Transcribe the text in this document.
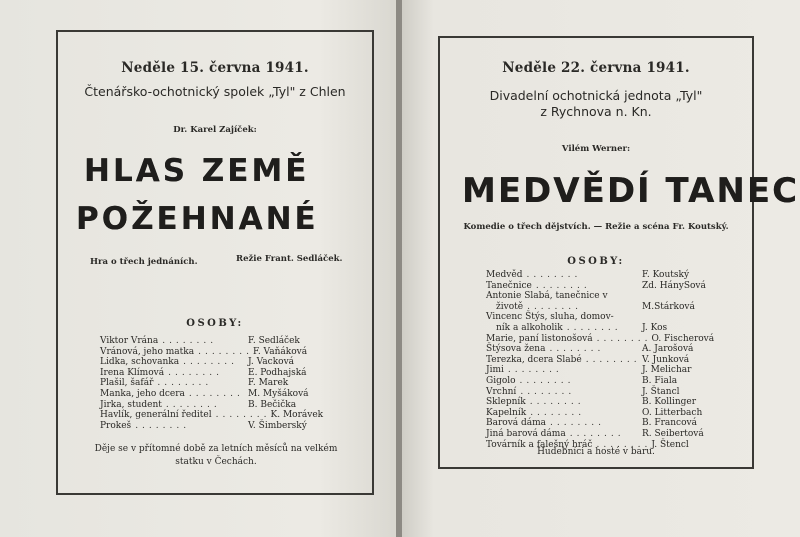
Neděle 15. června 1941.
Čtenářsko-ochotnický spolek „Tyl" z Chlen
Dr. Karel Zajíček:
HLAS ZEMĚ
POŽEHNANÉ
Hra o třech jednáních.	Režie Frant. Sedláček.
OSOBY:
Viktor Vrána ........	F. Sedláček
Vránová, jeho matka ........ F. Vaňáková
Lidka, schovanka ........	J. Vacková
Irena Klímová ........	E. Podhajská
Plašil, šafář ........	F. Marek
Manka, jeho dcera ........ M. Myšáková
Jirka, student ........	B. Bečička
Havlík, generální ředitel ........ K. Morávek
Prokeš ........	V. Šimberský
Děje se v přítomné době za letních měsíců na velkém
statku v Čechách.
Neděle 22. června 1941.
Divadelní ochotnická jednota „Tyl"
z Rychnova n. Kn.
Vilém Werner:
MEDVĚDÍ TANEC
Komedie o třech dějstvích. — Režie a scéna Fr. Koutský.
OSOBY:
Medvěd ........	F. Koutský
Tanečnice ........	Zd. HánySová
Antonie Slabá, tanečnice v
životě ........	M.Stárková
Vincenc Štýs, sluha, domov-
ník a alkoholik ........	J. Kos
Marie, paní listonošová ........ O. Fischerová
Štýsova žena ........	A. Jarošová
Terezka, dcera Slabé ........ V. Junková
Jimi ........	J. Melichar
Gigolo ........	B. Fiala
Vrchní ........	J. Štancl
Sklepník ........	B. Kollinger
Kapelník ........	O. Litterbach
Barová dáma ........	B. Francová
Jiná barová dáma ........	R. Seibertová
Továrník a falešný hráč ........ J. Štencl
Hudebníci a hosté v baru.
